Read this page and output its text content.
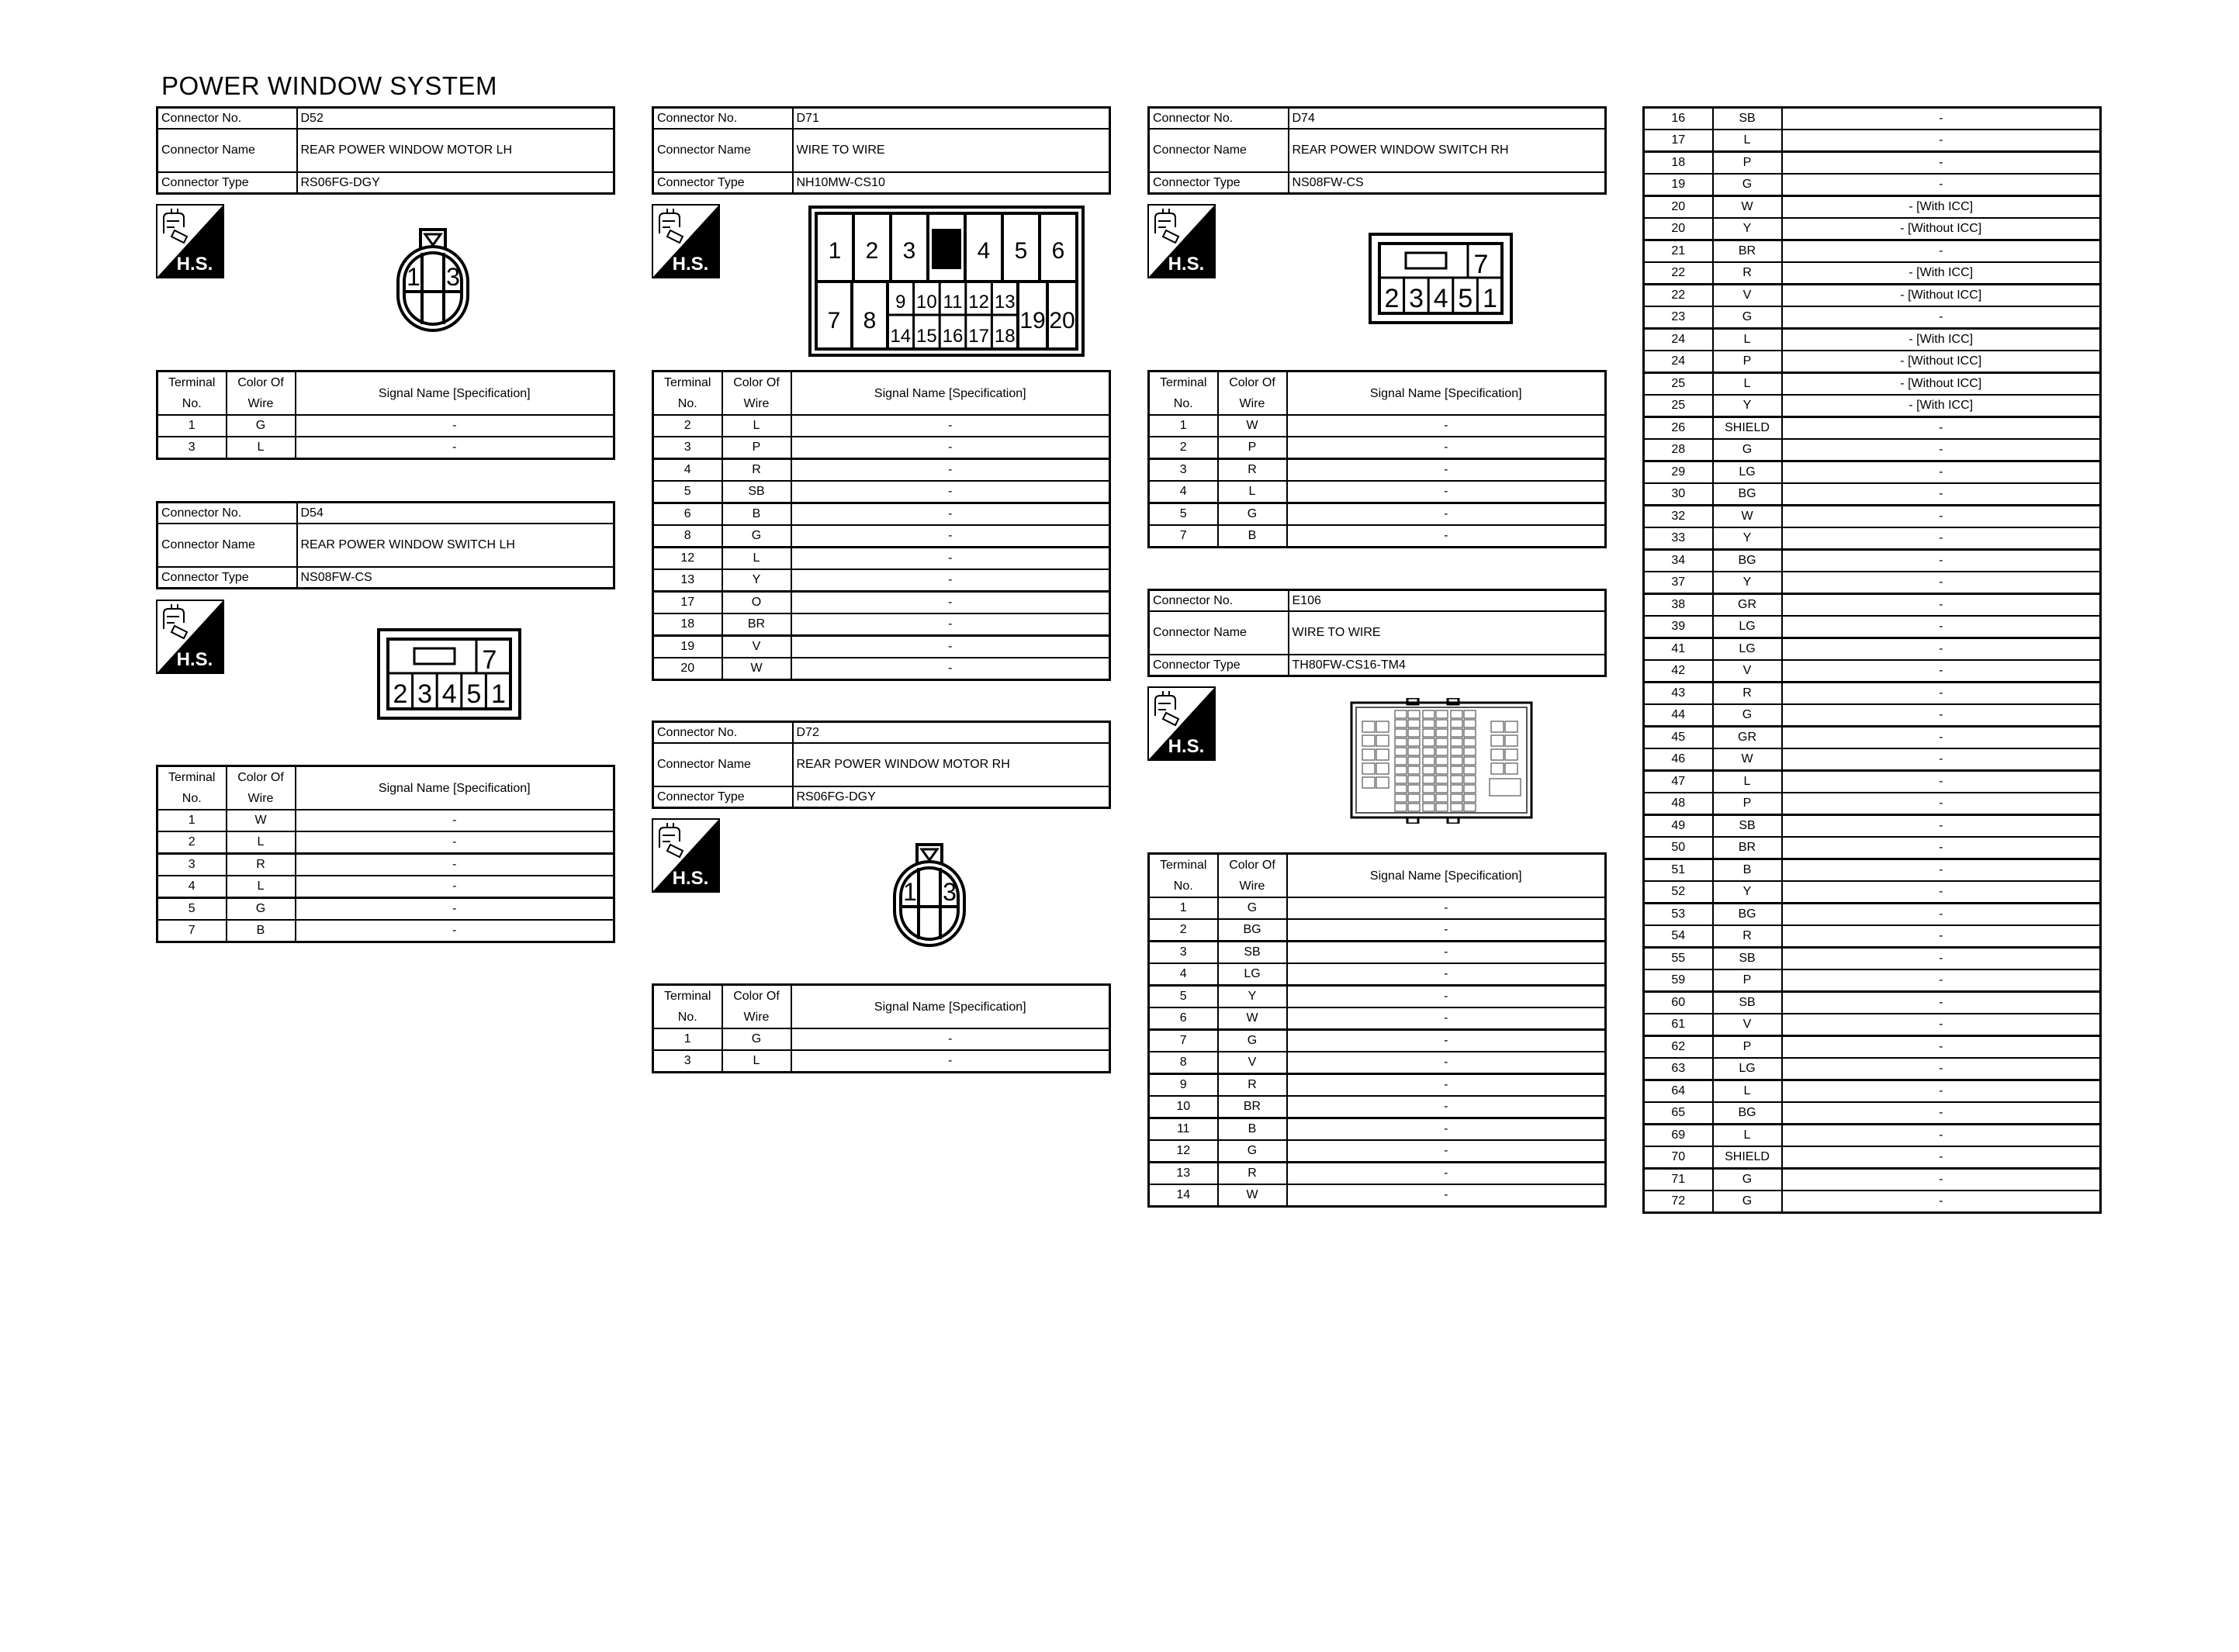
POWER WINDOW SYSTEM
Connector No.	D52
Connector Name	REAR POWER WINDOW MOTOR LH
Connector Type	RS06FG-DGY
H.S.	1 3
Terminal No.	Color Of Wire	Signal Name [Specification]
1	G	-
3	L	-
Connector No.	D54
Connector Name	REAR POWER WINDOW SWITCH LH
Connector Type	NS08FW-CS
H.S.	7
2 3 4 5 1
Terminal No.	Color Of Wire	Signal Name [Specification]
1	W	-
2	L	-
3	R	-
4	L	-
5	G	-
7	B	-
Connector No.	D71
Connector Name	WIRE TO WIRE
Connector Type	NH10MW-CS10
H.S.
1 2 3	4 5 6
7 8	19 20
9
14
10
15
11
16
12
17
13
18
Terminal No.	Color Of Wire	Signal Name [Specification]
2	L	-
3	P	-
4	R	-
5	SB	-
6	B	-
8	G	-
12	L	-
13	Y	-
17	O	-
18	BR	-
19	V	-
20	W	-
Connector No.	D72
Connector Name	REAR POWER WINDOW MOTOR RH
Connector Type	RS06FG-DGY
H.S.	1 3
Terminal No.	Color Of Wire	Signal Name [Specification]
1	G	-
3	L	-
Connector No.	D74
Connector Name	REAR POWER WINDOW SWITCH RH
Connector Type	NS08FW-CS
H.S.	7
2 3 4 5 1
Terminal No.	Color Of Wire	Signal Name [Specification]
1	W	-
2	P	-
3	R	-
4	L	-
5	G	-
7	B	-
Connector No.	E106
Connector Name	WIRE TO WIRE
Connector Type	TH80FW-CS16-TM4
H.S.
Terminal No.	Color Of Wire	Signal Name [Specification]
1	G	-
2	BG	-
3	SB	-
4	LG	-
5	Y	-
6	W	-
7	G	-
8	V	-
9	R	-
10	BR	-
11	B	-
12	G	-
13	R	-
14	W	-
16	SB	-
17	L	-
18	P	-
19	G	-
20	W	- [With ICC]
20	Y	- [Without ICC]
21	BR	-
22	R	- [With ICC]
22	V	- [Without ICC]
23	G	-
24	L	- [With ICC]
24	P	- [Without ICC]
25	L	- [Without ICC]
25	Y	- [With ICC]
26	SHIELD	-
28	G	-
29	LG	-
30	BG	-
32	W	-
33	Y	-
34	BG	-
37	Y	-
38	GR	-
39	LG	-
41	LG	-
42	V	-
43	R	-
44	G	-
45	GR	-
46	W	-
47	L	-
48	P	-
49	SB	-
50	BR	-
51	B	-
52	Y	-
53	BG	-
54	R	-
55	SB	-
59	P	-
60	SB	-
61	V	-
62	P	-
63	LG	-
64	L	-
65	BG	-
69	L	-
70	SHIELD	-
71	G	-
72	G	-
